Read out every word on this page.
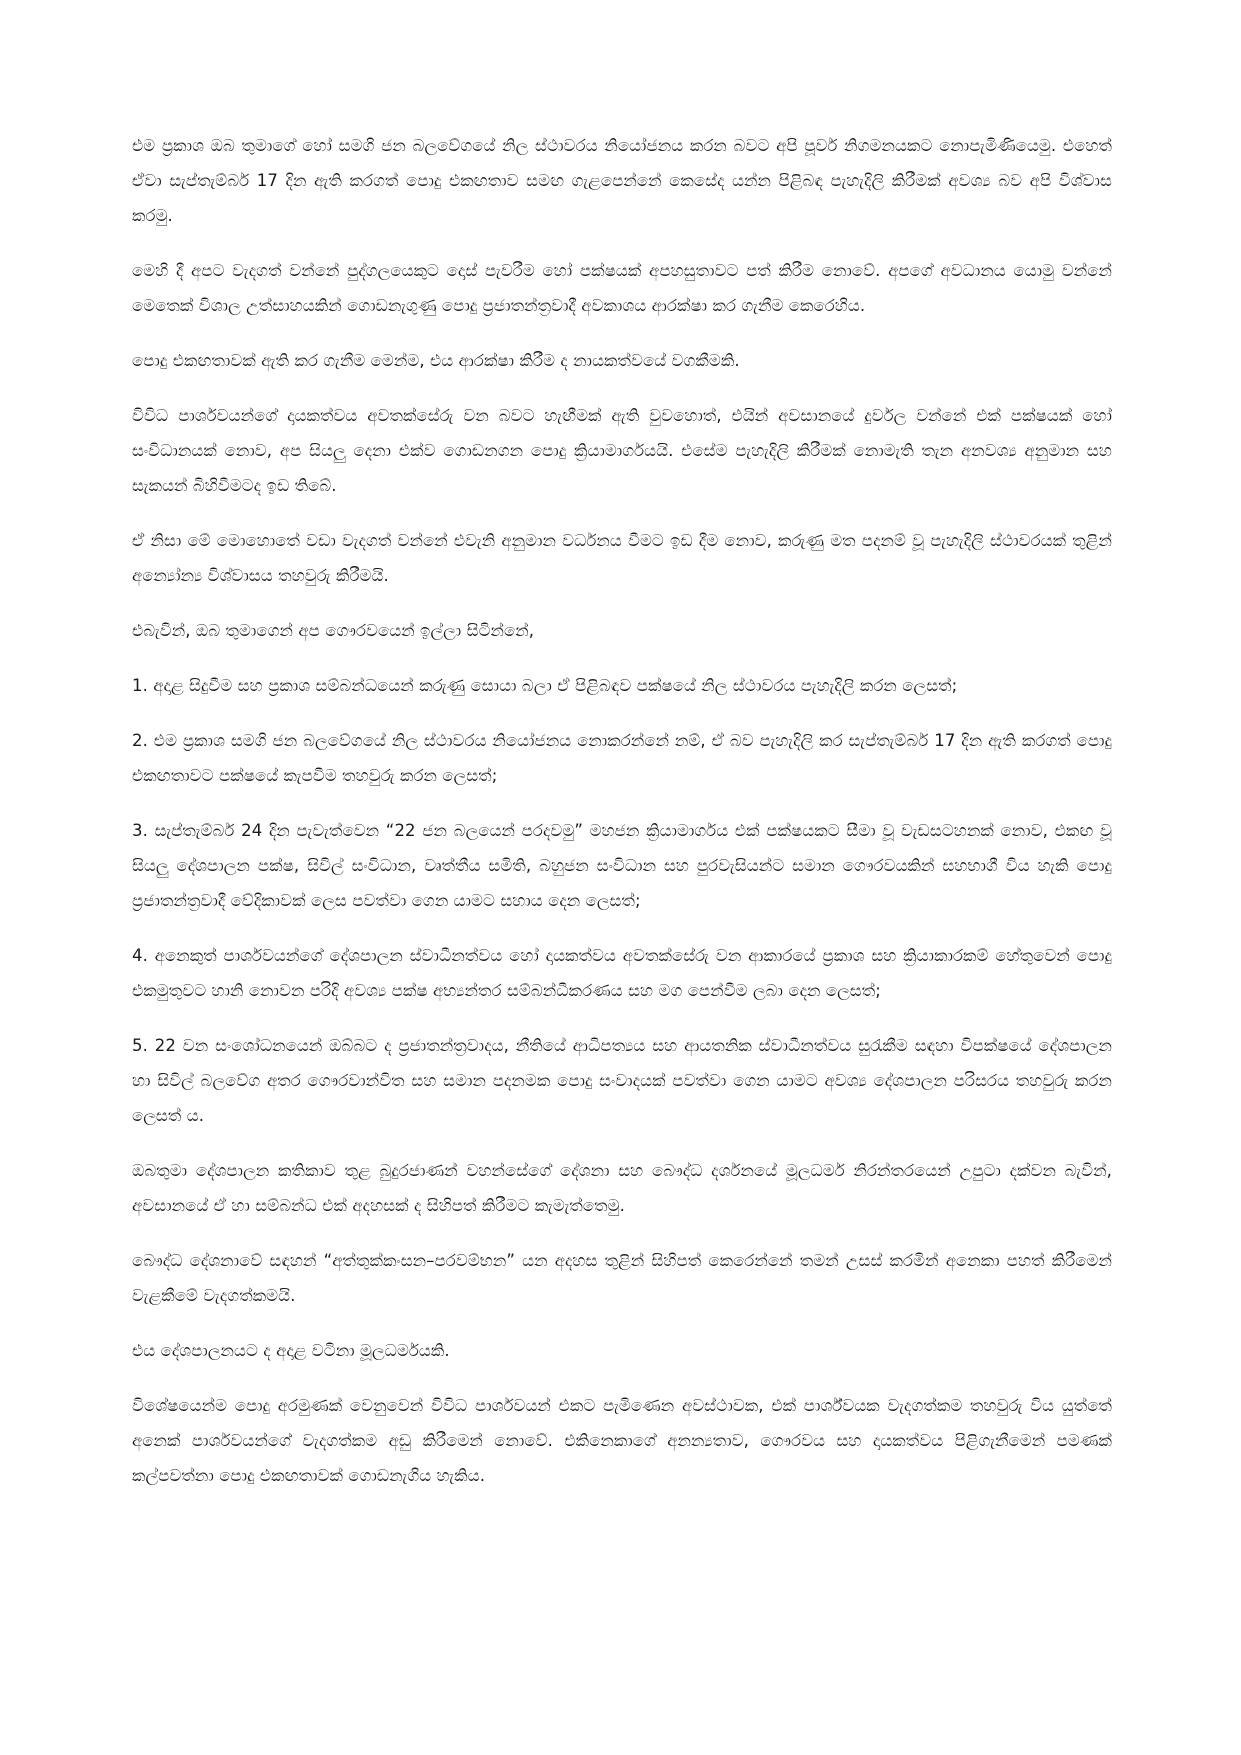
එම ප්‍රකාශ ඔබ තුමාගේ හෝ සමගි ජන බලවේගයේ නිල ස්ථාවරය නියෝජනය කරන බවට අපි පූර්ව නිගමනයකට නොපැමිණියෙමු. එහෙත් ඒවා සැප්තැම්බර් 17 දින ඇති කරගත් පොදු එකඟතාව සමඟ ගැළපෙන්නේ කෙසේද යන්න පිළිබඳ පැහැදිලි කිරීමක් අවශ්‍ය බව අපි විශ්වාස කරමු.

මෙහි දී අපට වැදගත් වන්නේ පුද්ගලයෙකුට දොස් පැවරීම හෝ පක්ෂයක් අපහසුතාවට පත් කිරීම නොවේ. අපගේ අවධානය යොමු වන්නේ මෙතෙක් විශාල උත්සාහයකින් ගොඩනැගුණු පොදු ප්‍රජාතන්ත්‍රවාදී අවකාශය ආරක්ෂා කර ගැනීම කෙරෙහිය.

පොදු එකඟතාවක් ඇති කර ගැනීම මෙන්ම, එය ආරක්ෂා කිරීම ද නායකත්වයේ වගකීමකි.

විවිධ පාර්ශවයන්ගේ දායකත්වය අවතක්සේරු වන බවට හැඟීමක් ඇති වුවහොත්, එයින් අවසානයේ දුර්වල වන්නේ එක් පක්ෂයක් හෝ සංවිධානයක් නොව, අප සියලු දෙනා එක්ව ගොඩනගන පොදු ක්‍රියාමාර්ගයයි. එසේම පැහැදිලි කිරීමක් නොමැති තැන අනවශ්‍ය අනුමාන සහ සැකයන් බිහිවීමටද ඉඩ තිබේ.

ඒ නිසා මේ මොහොතේ වඩා වැදගත් වන්නේ එවැනි අනුමාන වර්ධනය වීමට ඉඩ දීම නොව, කරුණු මත පදනම් වූ පැහැදිලි ස්ථාවරයක් තුළින් අන්‍යෝන්‍ය විශ්වාසය තහවුරු කිරීමයි.

එබැවින්, ඔබ තුමාගෙන් අප ගෞරවයෙන් ඉල්ලා සිටින්නේ,

1. අදාළ සිදුවීම සහ ප්‍රකාශ සම්බන්ධයෙන් කරුණු සොයා බලා ඒ පිළිබඳව පක්ෂයේ නිල ස්ථාවරය පැහැදිලි කරන ලෙසත්;

2. එම ප්‍රකාශ සමගි ජන බලවේගයේ නිල ස්ථාවරය නියෝජනය නොකරන්නේ නම්, ඒ බව පැහැදිලි කර සැප්තැම්බර් 17 දින ඇති කරගත් පොදු එකඟතාවට පක්ෂයේ කැපවීම තහවුරු කරන ලෙසත්;

3. සැප්තැම්බර් 24 දින පැවැත්වෙන “22 ජන බලයෙන් පරදවමු” මහජන ක්‍රියාමාර්ගය එක් පක්ෂයකට සීමා වූ වැඩසටහනක් නොව, එකඟ වූ සියලු දේශපාලන පක්ෂ, සිවිල් සංවිධාන, වෘත්තීය සමිති, බහුජන සංවිධාන සහ පුරවැසියන්ට සමාන ගෞරවයකින් සහභාගී විය හැකි පොදු ප්‍රජාතන්ත්‍රවාදී වේදිකාවක් ලෙස පවත්වා ගෙන යාමට සහාය දෙන ලෙසත්;

4. අනෙකුත් පාර්ශවයන්ගේ දේශපාලන ස්වාධීනත්වය හෝ දායකත්වය අවතක්සේරු වන ආකාරයේ ප්‍රකාශ සහ ක්‍රියාකාරකම් හේතුවෙන් පොදු එකමුතුවට හානි නොවන පරිදි අවශ්‍ය පක්ෂ අභ්‍යන්තර සම්බන්ධීකරණය සහ මග පෙන්වීම ලබා දෙන ලෙසත්;

5. 22 වන සංශෝධනයෙන් ඔබ්බට ද ප්‍රජාතන්ත්‍රවාදය, නීතියේ ආධිපත්‍යය සහ ආයතනික ස්වාධීනත්වය සුරැකීම සඳහා විපක්ෂයේ දේශපාලන හා සිවිල් බලවේග අතර ගෞරවාන්විත සහ සමාන පදනමක පොදු සංවාදයක් පවත්වා ගෙන යාමට අවශ්‍ය දේශපාලන පරිසරය තහවුරු කරන ලෙසත් ය.

ඔබතුමා දේශපාලන කතිකාව තුළ බුදුරජාණන් වහන්සේගේ දේශනා සහ බෞද්ධ දර්ශනයේ මූලධර්ම නිරන්තරයෙන් උපුටා දක්වන බැවින්, අවසානයේ ඒ හා සම්බන්ධ එක් අදහසක් ද සිහිපත් කිරීමට කැමැත්තෙමු.

බෞද්ධ දේශනාවේ සඳහන් “අත්තුක්කංසන–පරවම්භන” යන අදහස තුළින් සිහිපත් කෙරෙන්නේ තමන් උසස් කරමින් අනෙකා පහත් කිරීමෙන් වැළකීමේ වැදගත්කමයි.

එය දේශපාලනයට ද අදාළ වටිනා මූලධර්මයකි.

විශේෂයෙන්ම පොදු අරමුණක් වෙනුවෙන් විවිධ පාර්ශවයන් එකට පැමිණෙන අවස්ථාවක, එක් පාර්ශ්වයක වැදගත්කම තහවුරු විය යුත්තේ අනෙක් පාර්ශවයන්ගේ වැදගත්කම අඩු කිරීමෙන් නොවේ. එකිනෙකාගේ අනන්‍යතාව, ගෞරවය සහ දායකත්වය පිළිගැනීමෙන් පමණක් කල්පවත්නා පොදු එකඟතාවක් ගොඩනැගිය හැකිය.
